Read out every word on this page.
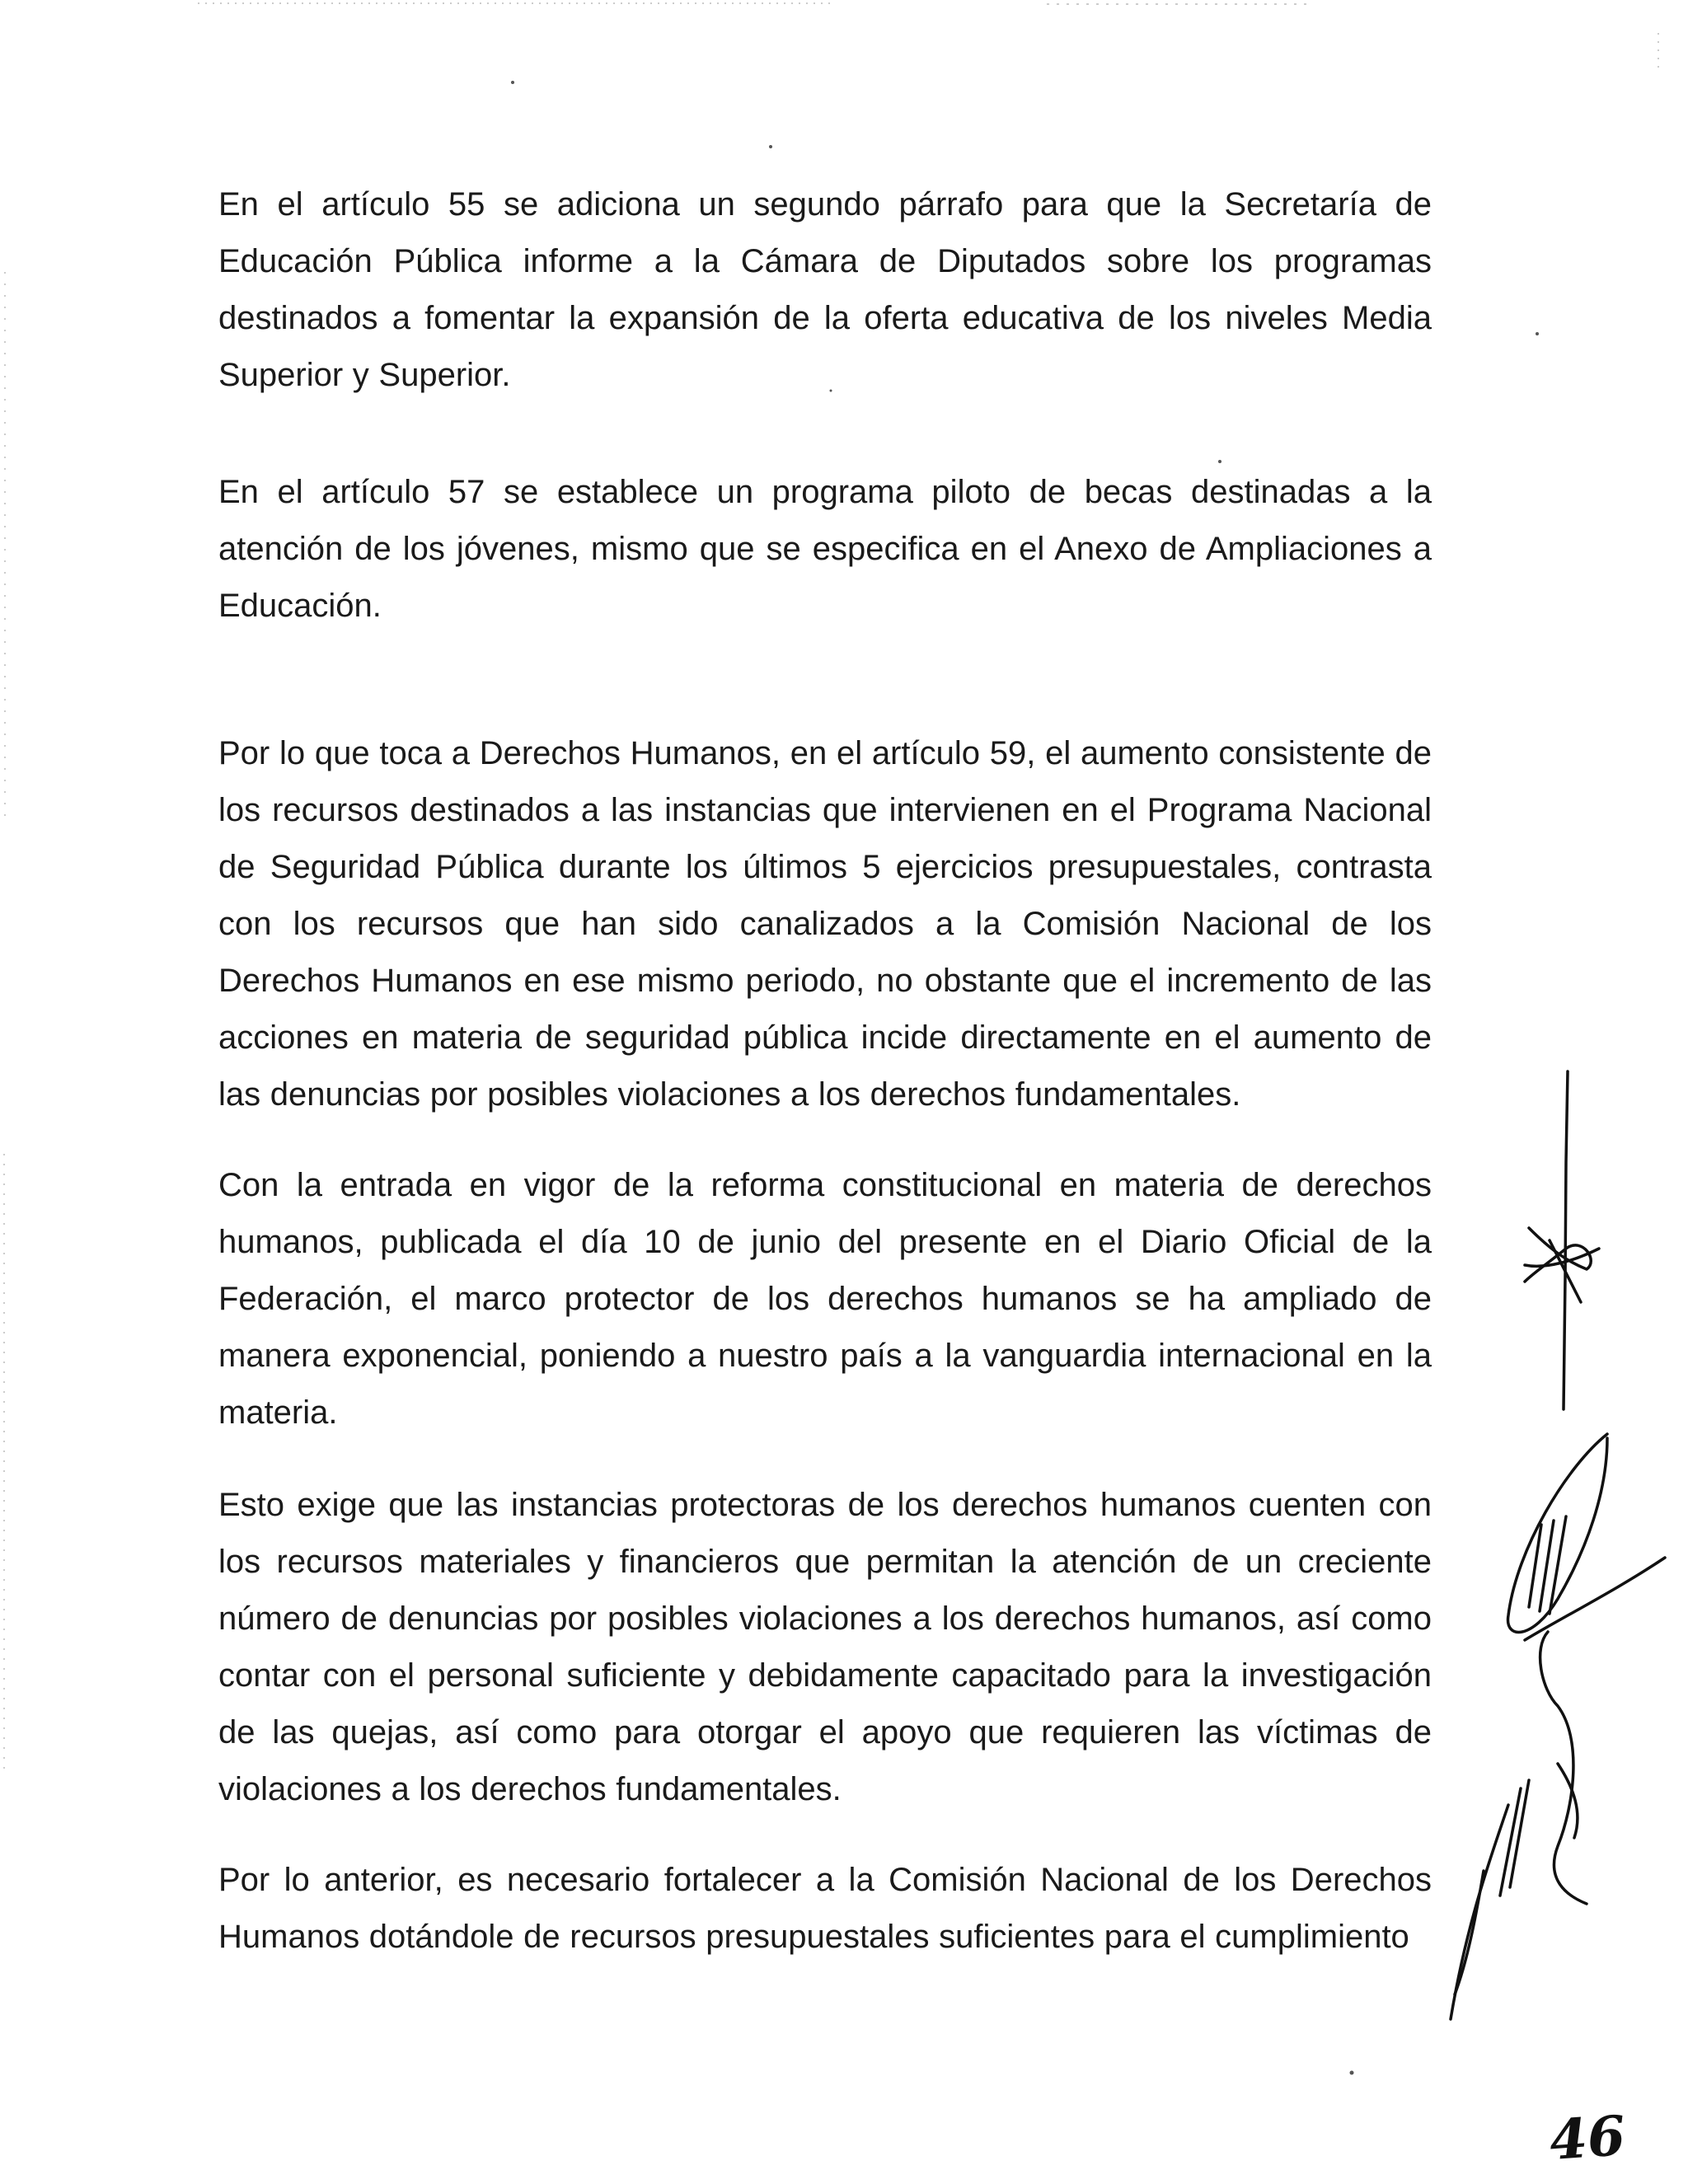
En el artículo 55 se adiciona un segundo párrafo para que la Secretaría de Educación Pública informe a la Cámara de Diputados sobre los programas destinados a fomentar la expansión de la oferta educativa de los niveles Media Superior y Superior.

En el artículo 57 se establece un programa piloto de becas destinadas a la atención de los jóvenes, mismo que se especifica en el Anexo de Ampliaciones a Educación.

Por lo que toca a Derechos Humanos, en el artículo 59, el aumento consistente de los recursos destinados a las instancias que intervienen en el Programa Nacional de Seguridad Pública durante los últimos 5 ejercicios presupuestales, contrasta con los recursos que han sido canalizados a la Comisión Nacional de los Derechos Humanos en ese mismo periodo, no obstante que el incremento de las acciones en materia de seguridad pública incide directamente en el aumento de las denuncias por posibles violaciones a los derechos fundamentales.

Con la entrada en vigor de la reforma constitucional en materia de derechos humanos, publicada el día 10 de junio del presente en el Diario Oficial de la Federación, el marco protector de los derechos humanos se ha ampliado de manera exponencial, poniendo a nuestro país a la vanguardia internacional en la materia.

Esto exige que las instancias protectoras de los derechos humanos cuenten con los recursos materiales y financieros que permitan la atención de un creciente número de denuncias por posibles violaciones a los derechos humanos, así como contar con el personal suficiente y debidamente capacitado para la investigación de las quejas, así como para otorgar el apoyo que requieren las víctimas de violaciones a los derechos fundamentales.

Por lo anterior, es necesario fortalecer a la Comisión Nacional de los Derechos Humanos dotándole de recursos presupuestales suficientes para el cumplimiento

46
